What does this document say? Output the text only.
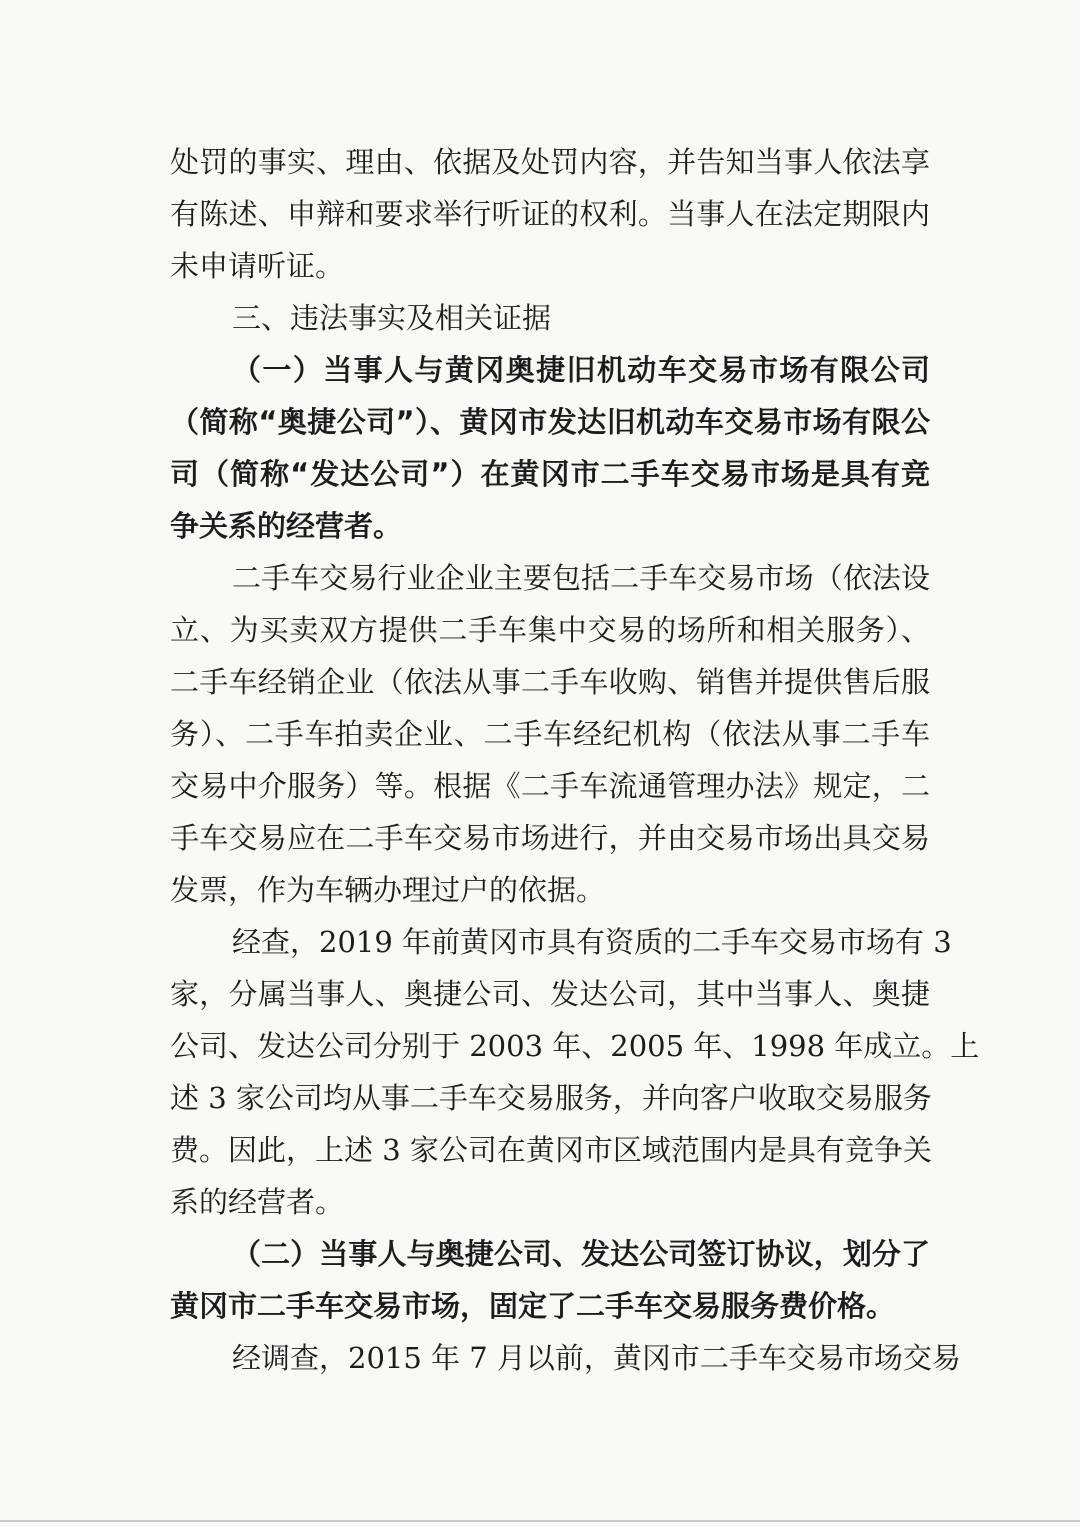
处罚的事实、理由、依据及处罚内容，并告知当事人依法享
有陈述、申辩和要求举行听证的权利。当事人在法定期限内
未申请听证。
三、违法事实及相关证据
（一）当事人与黄冈奥捷旧机动车交易市场有限公司
（简称“奥捷公司”）、黄冈市发达旧机动车交易市场有限公
司（简称“发达公司”）在黄冈市二手车交易市场是具有竞
争关系的经营者。
二手车交易行业企业主要包括二手车交易市场（依法设
立、为买卖双方提供二手车集中交易的场所和相关服务）、
二手车经销企业（依法从事二手车收购、销售并提供售后服
务）、二手车拍卖企业、二手车经纪机构（依法从事二手车
交易中介服务）等。根据《二手车流通管理办法》规定，二
手车交易应在二手车交易市场进行，并由交易市场出具交易
发票，作为车辆办理过户的依据。
经查，2019 年前黄冈市具有资质的二手车交易市场有 3
家，分属当事人、奥捷公司、发达公司，其中当事人、奥捷
公司、发达公司分别于 2003 年、2005 年、1998 年成立。上
述 3 家公司均从事二手车交易服务，并向客户收取交易服务
费。因此，上述 3 家公司在黄冈市区域范围内是具有竞争关
系的经营者。
（二）当事人与奥捷公司、发达公司签订协议，划分了
黄冈市二手车交易市场，固定了二手车交易服务费价格。
经调查，2015 年 7 月以前，黄冈市二手车交易市场交易
